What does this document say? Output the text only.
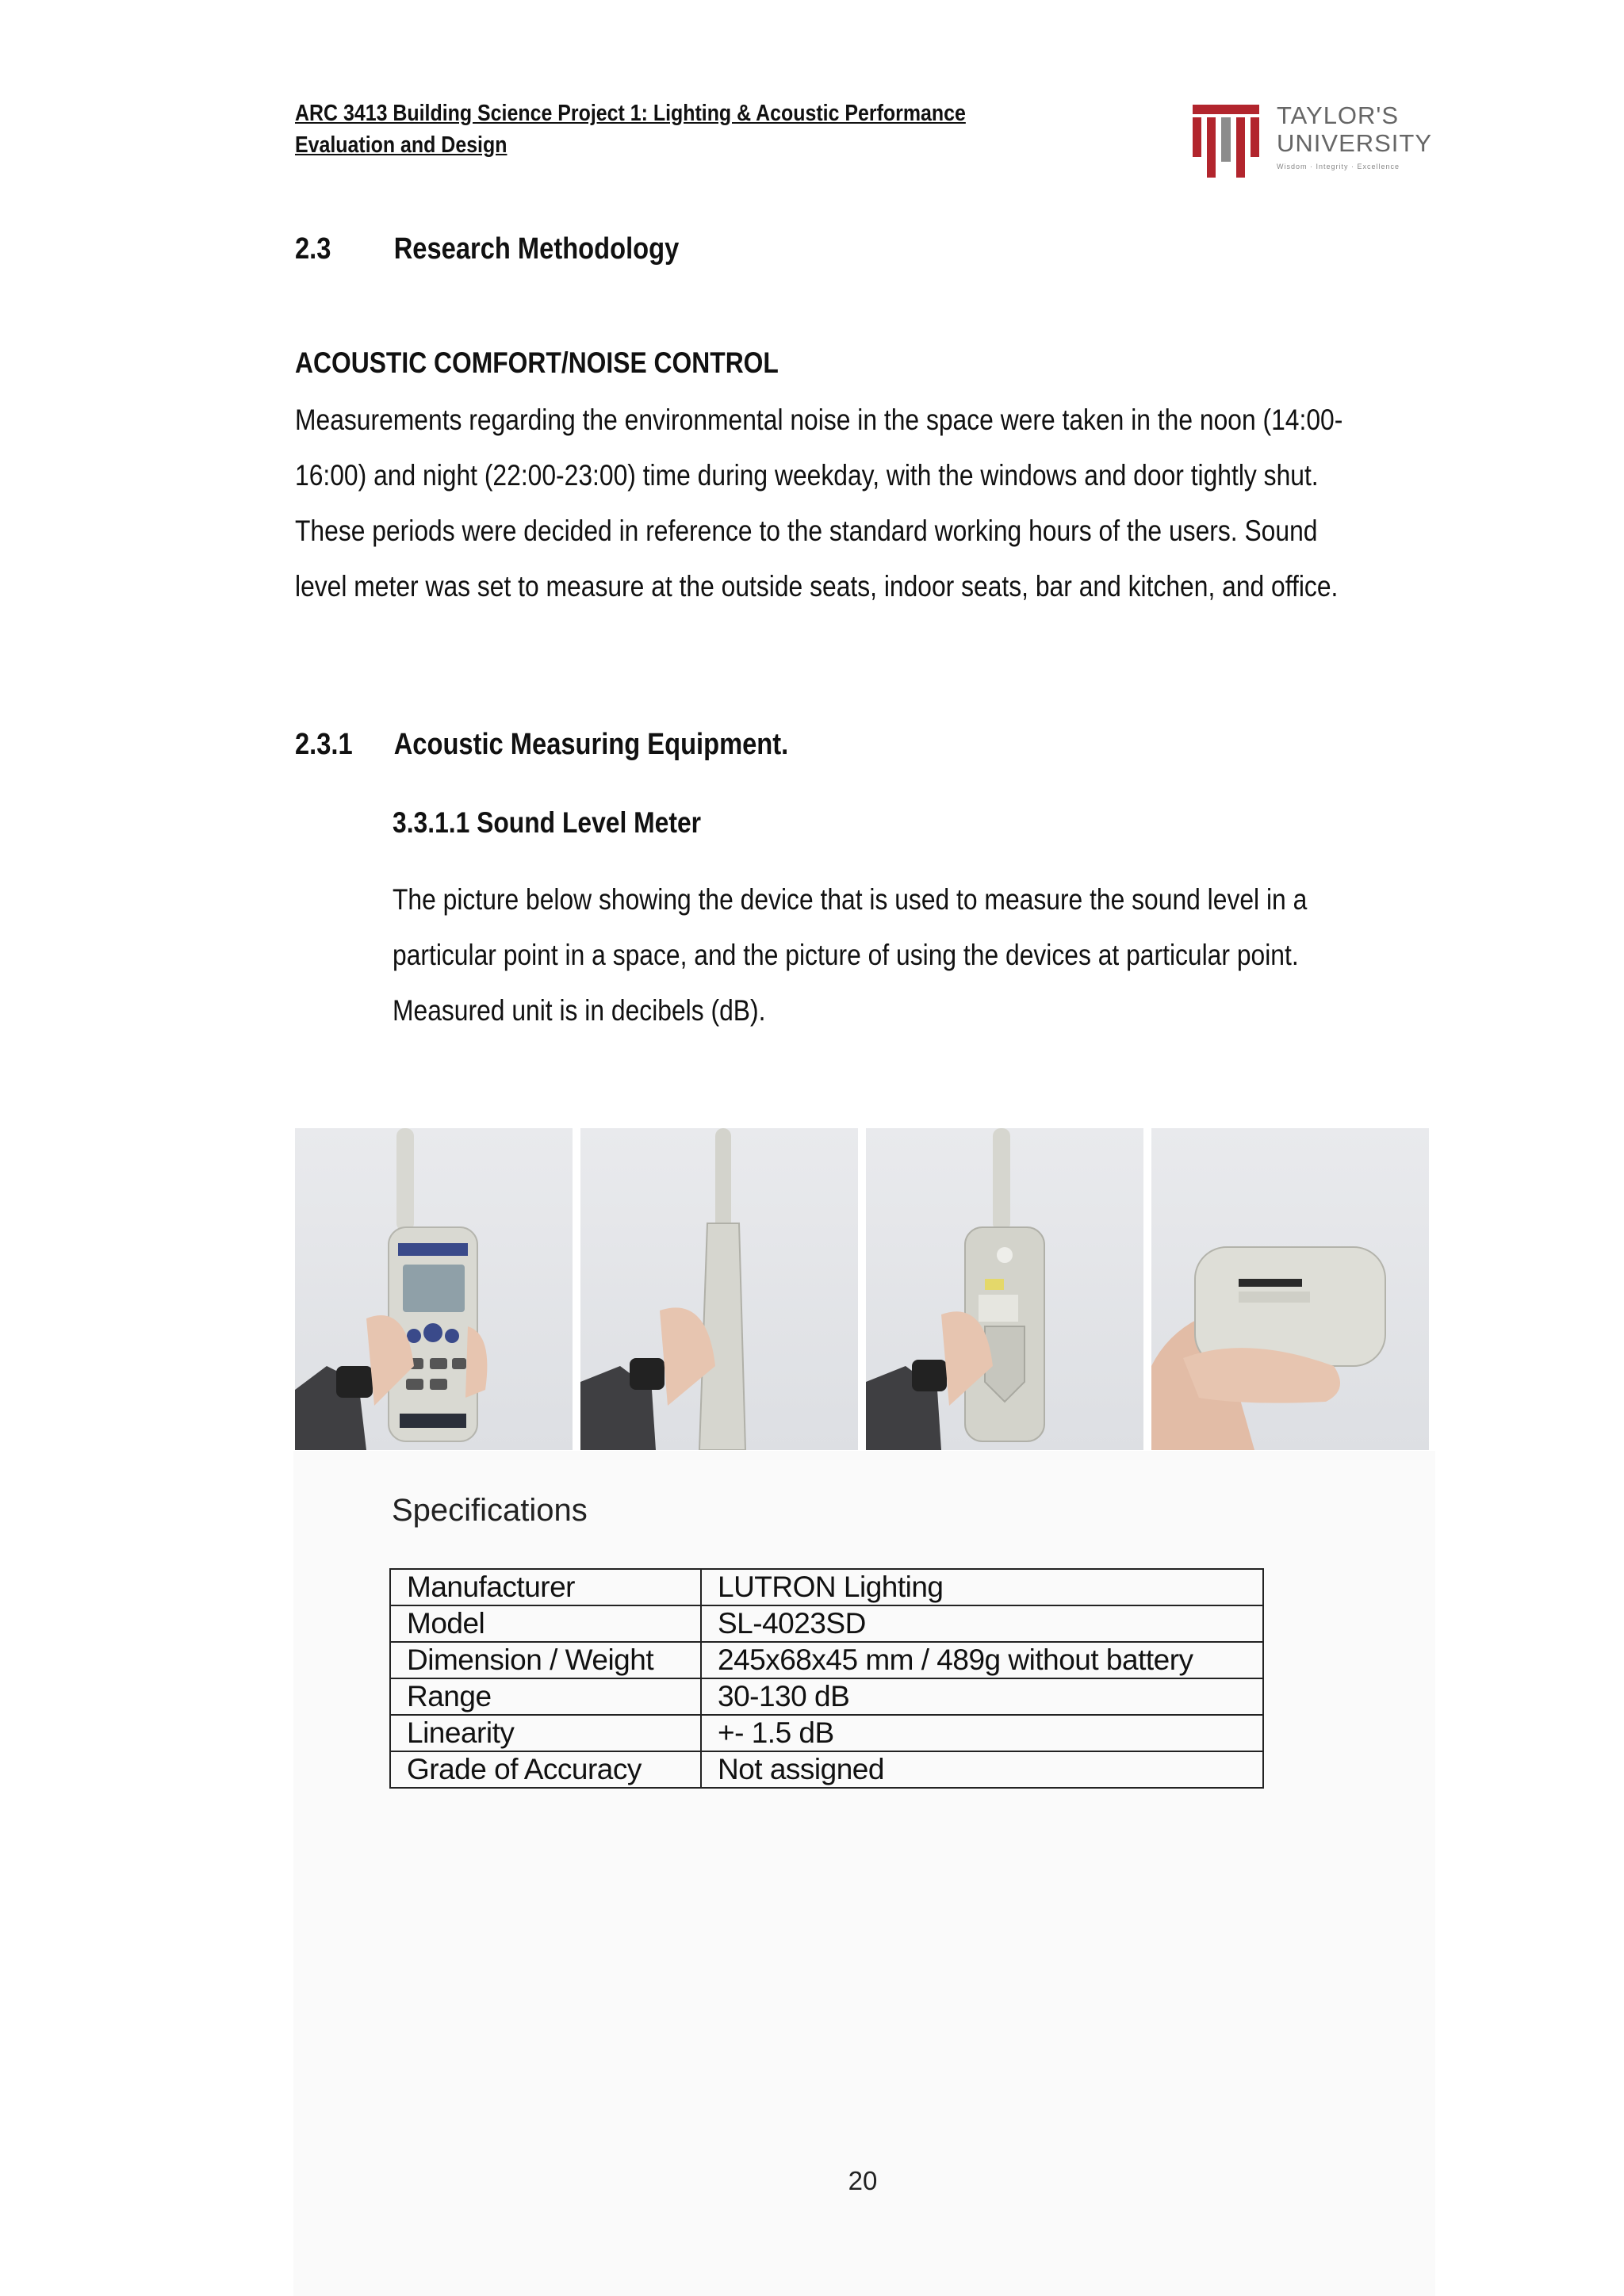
ARC 3413 Building Science Project 1: Lighting & Acoustic Performance
Evaluation and Design
TAYLOR'S
UNIVERSITY
Wisdom · Integrity · Excellence
2.3 Research Methodology
ACOUSTIC COMFORT/NOISE CONTROL
Measurements regarding the environmental noise in the space were taken in the noon (14:00-
16:00) and night (22:00-23:00) time during weekday, with the windows and door tightly shut.
These periods were decided in reference to the standard working hours of the users. Sound
level meter was set to measure at the outside seats, indoor seats, bar and kitchen, and office.
2.3.1 Acoustic Measuring Equipment.
3.3.1.1 Sound Level Meter
The picture below showing the device that is used to measure the sound level in a
particular point in a space, and the picture of using the devices at particular point.
Measured unit is in decibels (dB).
Specifications
Manufacturer	LUTRON Lighting
Model	SL-4023SD
Dimension / Weight	245x68x45 mm / 489g without battery
Range	30-130 dB
Linearity	+- 1.5 dB
Grade of Accuracy	Not assigned
20
